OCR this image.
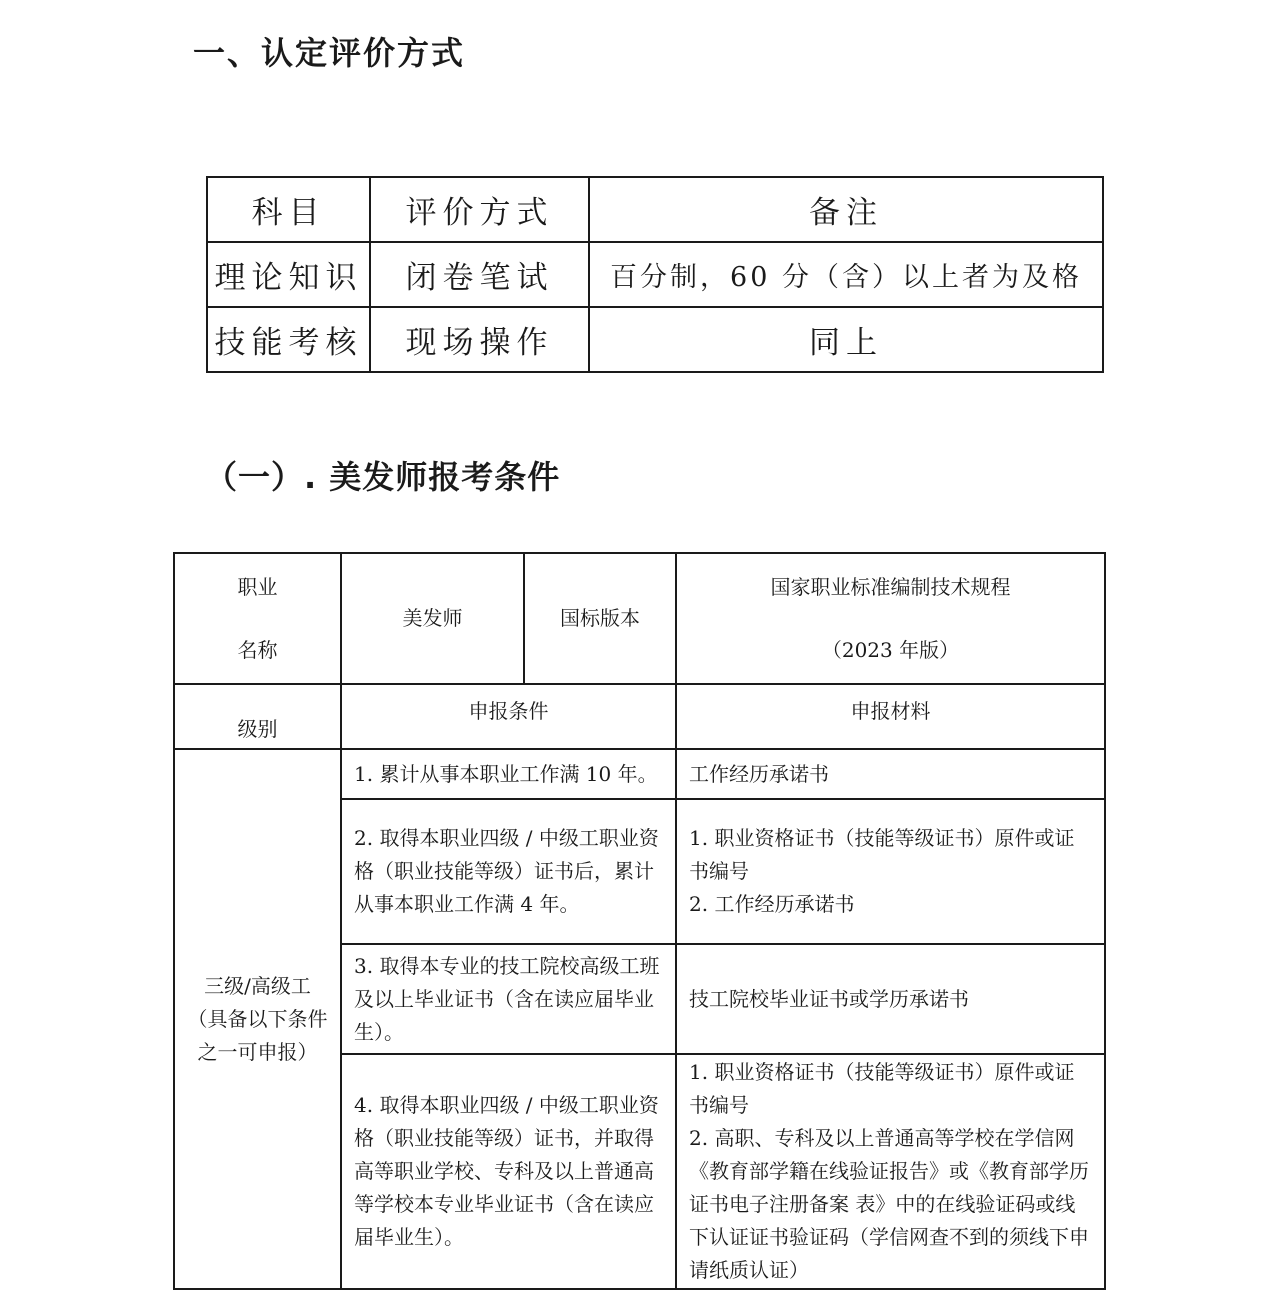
一、认定评价方式
科目	评价方式	备注
理论知识	闭卷笔试	百分制，60 分（含）以上者为及格
技能考核	现场操作	同上
（一）. 美发师报考条件
职业
名称	美发师	国标版本	国家职业标准编制技术规程
（2023 年版）

级别	申报条件		申报材料
三级/高级工（具备以下条件之一可申报）	1. 累计从事本职业工作满 10 年。		工作经历承诺书

	2. 取得本职业四级 / 中级工职业资格（职业技能等级）证书后，累计从事本职业工作满 4 年。		1. 职业资格证书（技能等级证书）原件或证书编号
2. 工作经历承诺书

	3. 取得本专业的技工院校高级工班及以上毕业证书（含在读应届毕业生）。		技工院校毕业证书或学历承诺书

	4. 取得本职业四级 / 中级工职业资格（职业技能等级）证书，并取得高等职业学校、专科及以上普通高等学校本专业毕业证书（含在读应届毕业生）。		1. 职业资格证书（技能等级证书）原件或证书编号
2. 高职、专科及以上普通高等学校在学信网《教育部学籍在线验证报告》或《教育部学历证书电子注册备案 表》中的在线验证码或线下认证证书验证码（学信网查不到的须线下申请纸质认证）
